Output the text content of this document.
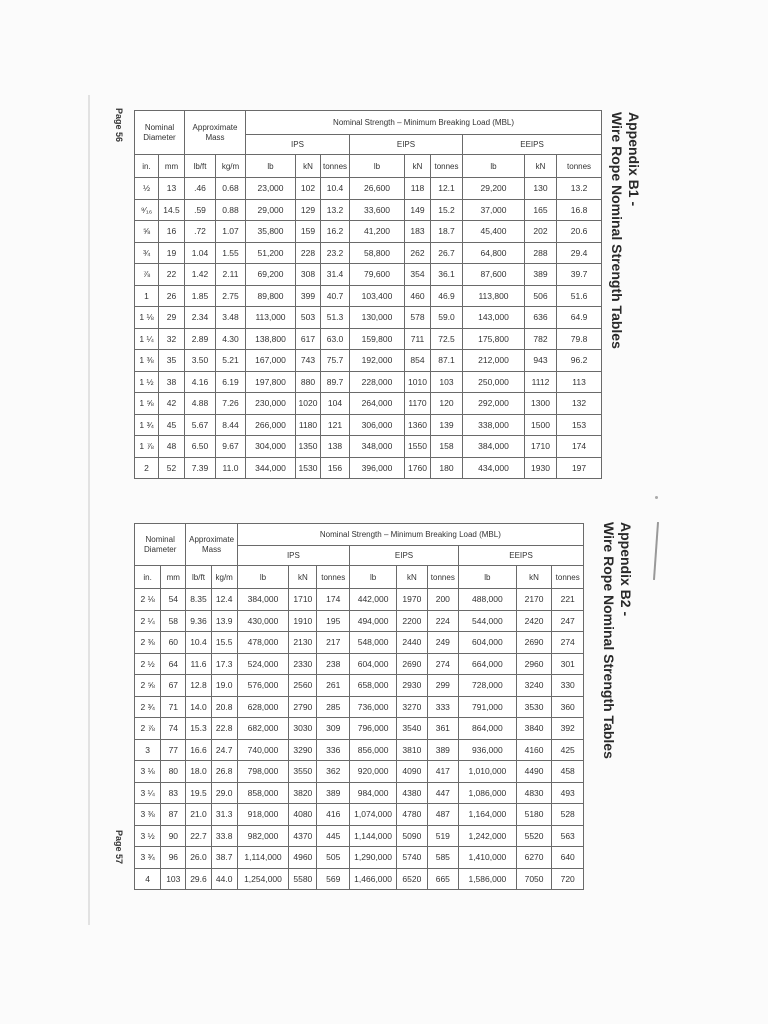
Page 56
Page 57
Appendix B1 -
Wire Rope Nominal Strength Tables
Appendix B2 -
Wire Rope Nominal Strength Tables
Nominal Diameter		Approximate Mass		Nominal Strength – Minimum Breaking Load (MBL)								
				IPS			EIPS			EEIPS		
in.	mm	lb/ft	kg/m	lb	kN	tonnes	lb	kN	tonnes	lb	kN	tonnes
½	13	.46	0.68	23,000	102	10.4	26,600	118	12.1	29,200	130	13.2
⁹⁄₁₆	14.5	.59	0.88	29,000	129	13.2	33,600	149	15.2	37,000	165	16.8
⅝	16	.72	1.07	35,800	159	16.2	41,200	183	18.7	45,400	202	20.6
¾	19	1.04	1.55	51,200	228	23.2	58,800	262	26.7	64,800	288	29.4
⅞	22	1.42	2.11	69,200	308	31.4	79,600	354	36.1	87,600	389	39.7
1	26	1.85	2.75	89,800	399	40.7	103,400	460	46.9	113,800	506	51.6
1 ⅛	29	2.34	3.48	113,000	503	51.3	130,000	578	59.0	143,000	636	64.9
1 ¼	32	2.89	4.30	138,800	617	63.0	159,800	711	72.5	175,800	782	79.8
1 ⅜	35	3.50	5.21	167,000	743	75.7	192,000	854	87.1	212,000	943	96.2
1 ½	38	4.16	6.19	197,800	880	89.7	228,000	1010	103	250,000	1112	113
1 ⅝	42	4.88	7.26	230,000	1020	104	264,000	1170	120	292,000	1300	132
1 ¾	45	5.67	8.44	266,000	1180	121	306,000	1360	139	338,000	1500	153
1 ⅞	48	6.50	9.67	304,000	1350	138	348,000	1550	158	384,000	1710	174
2	52	7.39	11.0	344,000	1530	156	396,000	1760	180	434,000	1930	197
Nominal Diameter		Approximate Mass		Nominal Strength – Minimum Breaking Load (MBL)								
				IPS			EIPS			EEIPS		
in.	mm	lb/ft	kg/m	lb	kN	tonnes	lb	kN	tonnes	lb	kN	tonnes
2 ⅛	54	8.35	12.4	384,000	1710	174	442,000	1970	200	488,000	2170	221
2 ¼	58	9.36	13.9	430,000	1910	195	494,000	2200	224	544,000	2420	247
2 ⅜	60	10.4	15.5	478,000	2130	217	548,000	2440	249	604,000	2690	274
2 ½	64	11.6	17.3	524,000	2330	238	604,000	2690	274	664,000	2960	301
2 ⅝	67	12.8	19.0	576,000	2560	261	658,000	2930	299	728,000	3240	330
2 ¾	71	14.0	20.8	628,000	2790	285	736,000	3270	333	791,000	3530	360
2 ⅞	74	15.3	22.8	682,000	3030	309	796,000	3540	361	864,000	3840	392
3	77	16.6	24.7	740,000	3290	336	856,000	3810	389	936,000	4160	425
3 ⅛	80	18.0	26.8	798,000	3550	362	920,000	4090	417	1,010,000	4490	458
3 ¼	83	19.5	29.0	858,000	3820	389	984,000	4380	447	1,086,000	4830	493
3 ⅜	87	21.0	31.3	918,000	4080	416	1,074,000	4780	487	1,164,000	5180	528
3 ½	90	22.7	33.8	982,000	4370	445	1,144,000	5090	519	1,242,000	5520	563
3 ¾	96	26.0	38.7	1,114,000	4960	505	1,290,000	5740	585	1,410,000	6270	640
4	103	29.6	44.0	1,254,000	5580	569	1,466,000	6520	665	1,586,000	7050	720
